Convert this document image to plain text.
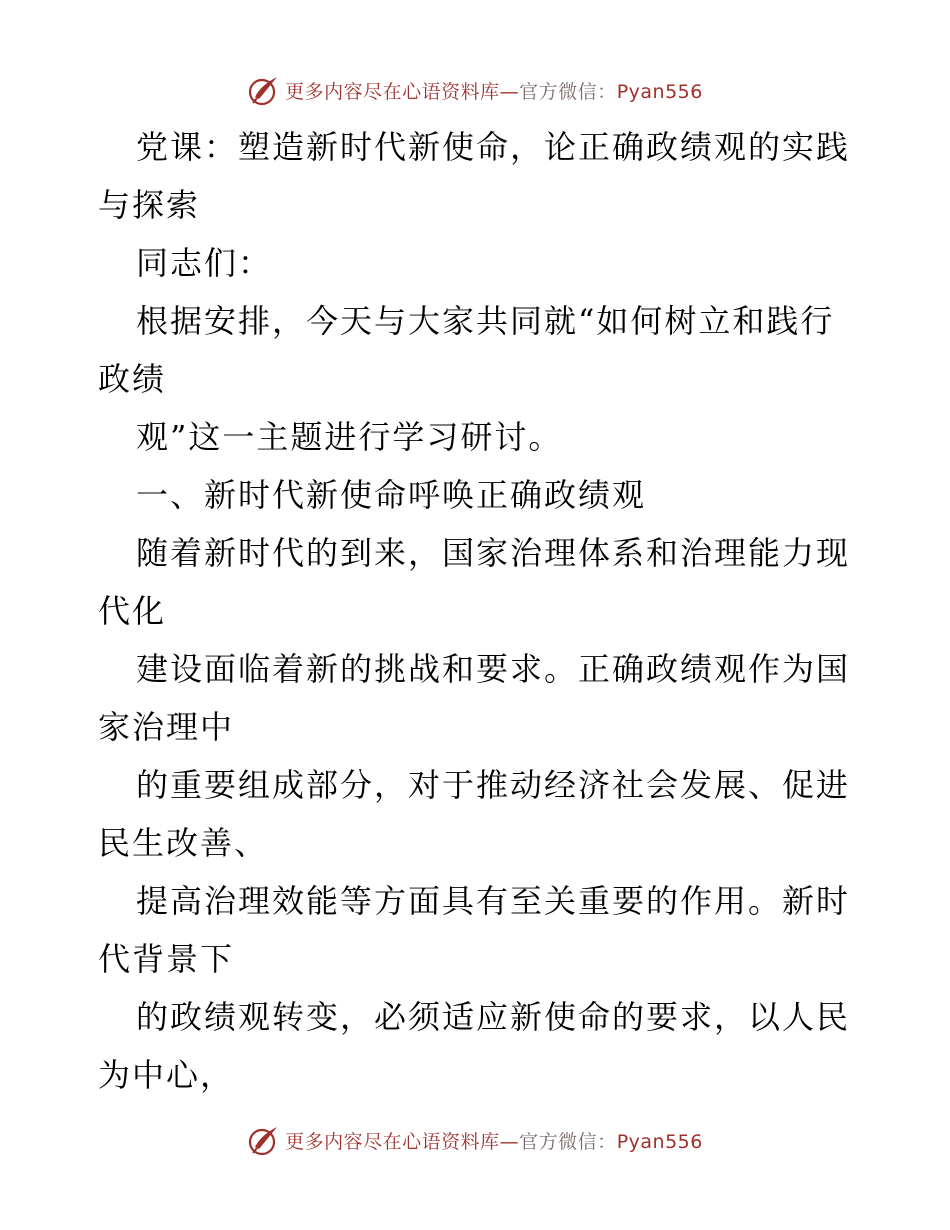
更多内容尽在心语资料库—官方微信：Pyan556
党课：塑造新时代新使命，论正确政绩观的实践
与探索
同志们：
根据安排，今天与大家共同就“如何树立和践行
政绩
观”这一主题进行学习研讨。
一、新时代新使命呼唤正确政绩观
随着新时代的到来，国家治理体系和治理能力现
代化
建设面临着新的挑战和要求。正确政绩观作为国
家治理中
的重要组成部分，对于推动经济社会发展、促进
民生改善、
提高治理效能等方面具有至关重要的作用。新时
代背景下
的政绩观转变，必须适应新使命的要求，以人民
为中心，
更多内容尽在心语资料库—官方微信：Pyan556
